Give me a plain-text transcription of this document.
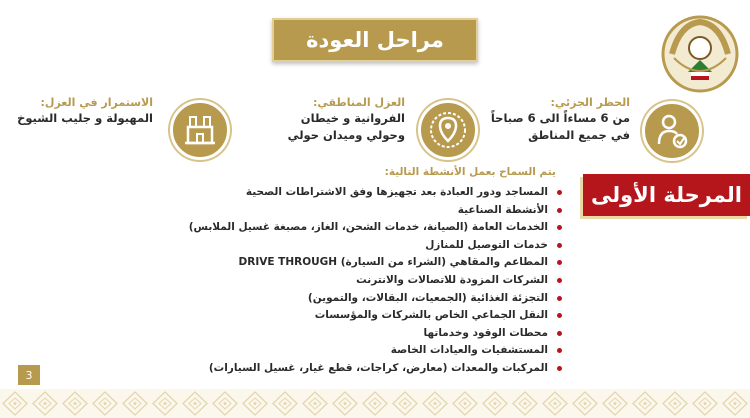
مراحل العودة
الحظر الجزئي:
من 6 مساءاً الى 6 صباحاً
في جميع المناطق
العزل المناطقي:
الفروانية و خيطان
وحولي وميدان حولي
الاستمرار في العزل:
المهبولة و جليب الشيوخ
المرحلة الأولى
يتم السماح بعمل الأنشطة التالية:
المساجد ودور العبادة بعد تجهيزها وفق الاشتراطات الصحية
الأنشطة الصناعية
الخدمات العامة (الصيانة، خدمات الشحن، الغاز، مصبغة غسيل الملابس)
خدمات التوصيل للمنازل
المطاعم والمقاهي (الشراء من السيارة) DRIVE THROUGH
الشركات المزودة للاتصالات والانترنت
التجزئة الغذائية (الجمعيات، البقالات، والتموين)
النقل الجماعي الخاص بالشركات والمؤسسات
محطات الوقود وخدماتها
المستشفيات والعيادات الخاصة
المركبات والمعدات (معارض، كراجات، قطع غيار، غسيل السيارات)
3
